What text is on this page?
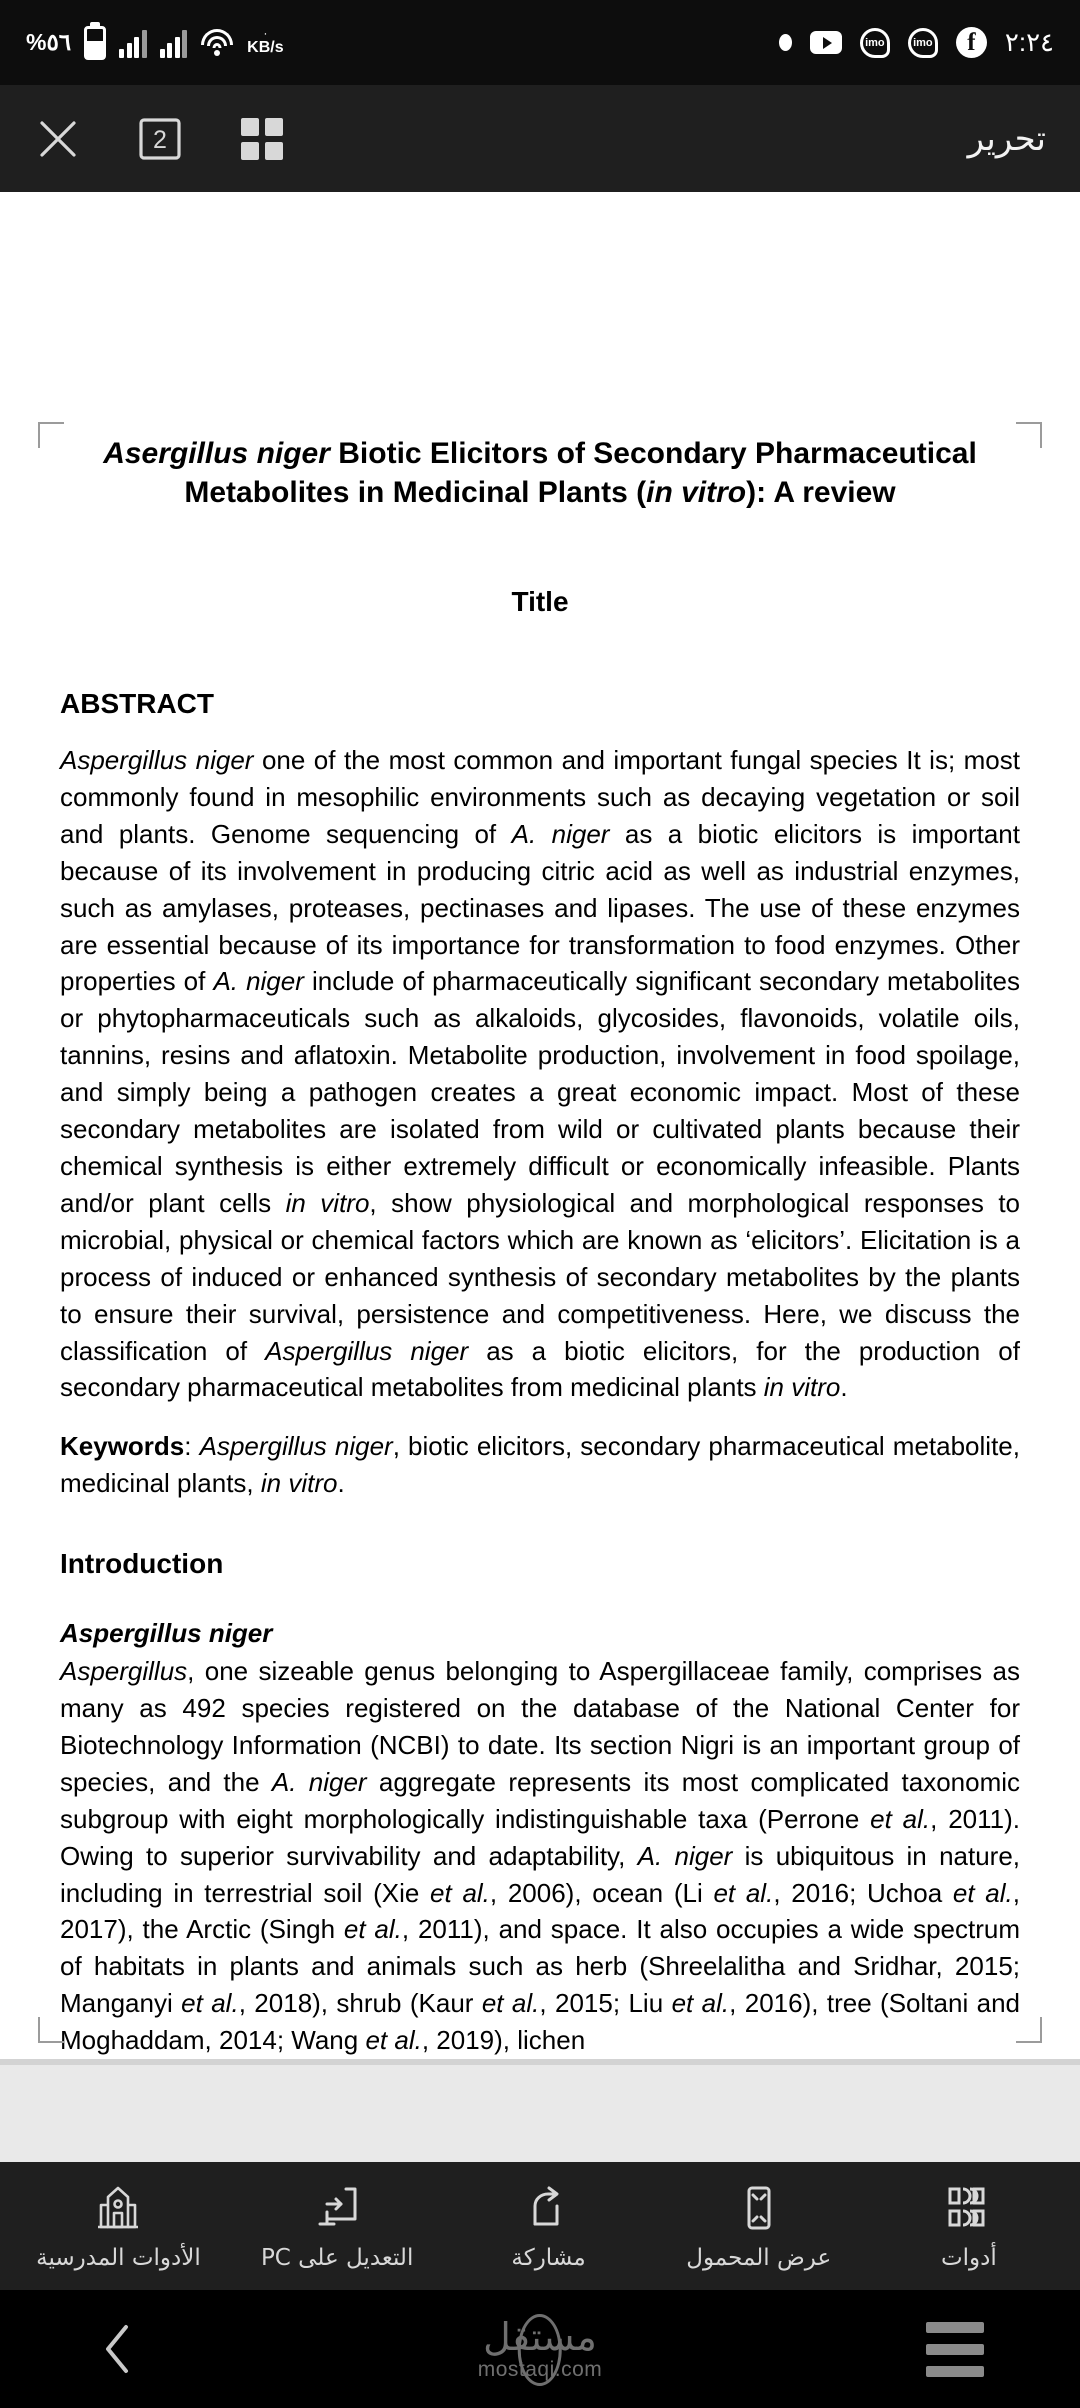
٥٦%	٠
KB/s	imo	imo	f	٢:٢٤
2	تحرير
Asergillus niger Biotic Elicitors of Secondary Pharmaceutical
Metabolites in Medicinal Plants (in vitro): A review
Title
ABSTRACT

Aspergillus niger one of the most common and important fungal species It is; most commonly found in mesophilic environments such as decaying vegetation or soil and plants. Genome sequencing of A. niger as a biotic elicitors is important because of its involvement in producing citric acid as well as industrial enzymes, such as amylases, proteases, pectinases and lipases. The use of these enzymes are essential because of its importance for transformation to food enzymes. Other properties of A. niger include of pharmaceutically significant secondary metabolites or phytopharmaceuticals such as alkaloids, glycosides, flavonoids, volatile oils, tannins, resins and aflatoxin. Metabolite production, involvement in food spoilage, and simply being a pathogen creates a great economic impact. Most of these secondary metabolites are isolated from wild or cultivated plants because their chemical synthesis is either extremely difficult or economically infeasible. Plants and/or plant cells in vitro, show physiological and morphological responses to microbial, physical or chemical factors which are known as ‘elicitors’. Elicitation is a process of induced or enhanced synthesis of secondary metabolites by the plants to ensure their survival, persistence and competitiveness. Here, we discuss the classification of Aspergillus niger as a biotic elicitors, for the production of secondary pharmaceutical metabolites from medicinal plants in vitro.

Keywords: Aspergillus niger, biotic elicitors, secondary pharmaceutical metabolite, medicinal plants, in vitro.

Introduction
Aspergillus niger

Aspergillus, one sizeable genus belonging to Aspergillaceae family, comprises as many as 492 species registered on the database of the National Center for Biotechnology Information (NCBI) to date. Its section Nigri is an important group of species, and the A. niger aggregate represents its most complicated taxonomic subgroup with eight morphologically indistinguishable taxa (Perrone et al., 2011). Owing to superior survivability and adaptability, A. niger is ubiquitous in nature, including in terrestrial soil (Xie et al., 2006), ocean (Li et al., 2016; Uchoa et al., 2017), the Arctic (Singh et al., 2011), and space. It also occupies a wide spectrum of habitats in plants and animals such as herb (Shreelalitha and Sridhar, 2015; Manganyi et al., 2018), shrub (Kaur et al., 2015; Liu et al., 2016), tree (Soltani and Moghaddam, 2014; Wang et al., 2019), lichen

أدوات
عرض المحمول
مشاركة
التعديل على PC
الأدوات المدرسية
مستقل
mostaqi.com
